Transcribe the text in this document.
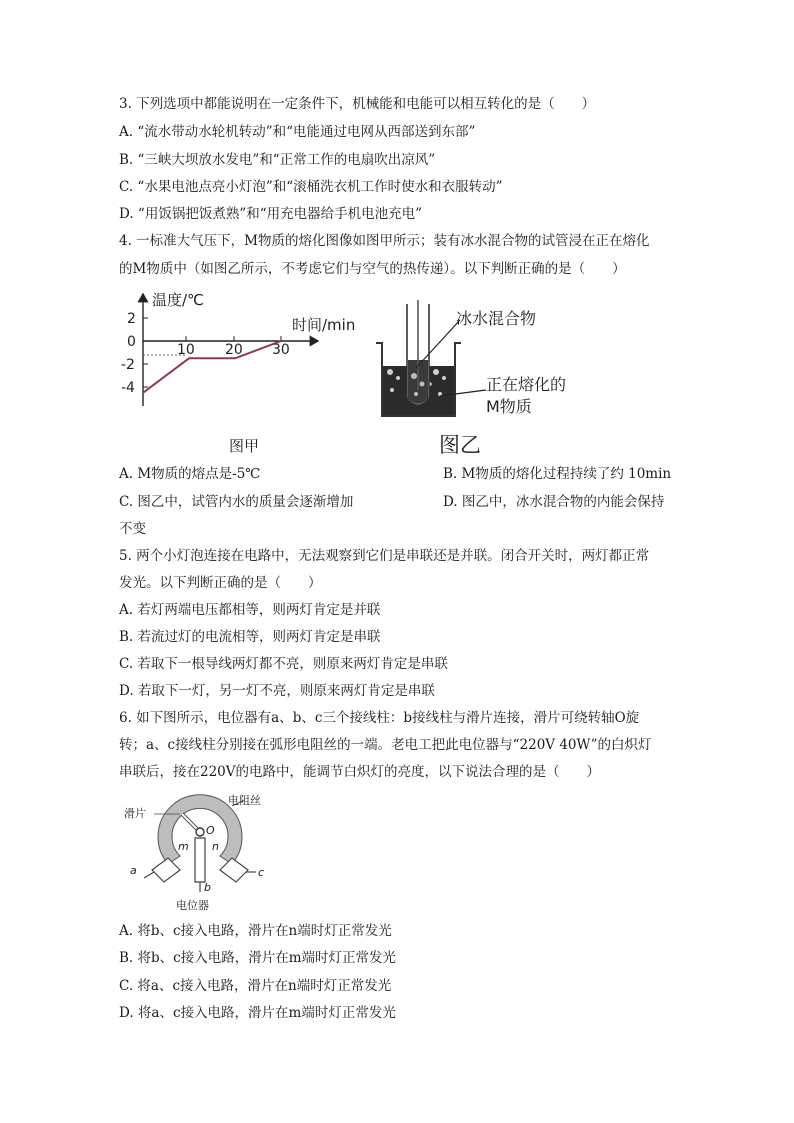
3. 下列选项中都能说明在一定条件下，机械能和电能可以相互转化的是（　　）
A. “流水带动水轮机转动”和“电能通过电网从西部送到东部”
B. “三峡大坝放水发电”和“正常工作的电扇吹出凉风”
C. “水果电池点亮小灯泡”和“滚桶洗衣机工作时使水和衣服转动”
D. “用饭锅把饭煮熟”和“用充电器给手机电池充电”
4. 一标准大气压下，M物质的熔化图像如图甲所示；装有冰水混合物的试管浸在正在熔化
的M物质中（如图乙所示，不考虑它们与空气的热传递）。以下判断正确的是（　　）
温度/℃
时间/min
2
0
-2
-4
10 20 30
图甲
冰水混合物
正在熔化的
M物质
图乙
A. M物质的熔点是-5℃	B. M物质的熔化过程持续了约 10min
C. 图乙中，试管内水的质量会逐渐增加	D. 图乙中，冰水混合物的内能会保持
不变
5. 两个小灯泡连接在电路中，无法观察到它们是串联还是并联。闭合开关时，两灯都正常
发光。以下判断正确的是（　　）
A. 若灯两端电压都相等，则两灯肯定是并联
B. 若流过灯的电流相等，则两灯肯定是串联
C. 若取下一根导线两灯都不亮，则原来两灯肯定是串联
D. 若取下一灯，另一灯不亮，则原来两灯肯定是串联
6. 如下图所示，电位器有a、b、c三个接线柱：b接线柱与滑片连接，滑片可绕转轴O旋
转；a、c接线柱分别接在弧形电阻丝的一端。老电工把此电位器与“220V 40W”的白炽灯
串联后，接在220V的电路中，能调节白炽灯的亮度，以下说法合理的是（　　）
滑片
电阻丝
O
m n
a
b
c
电位器
A. 将b、c接入电路，滑片在n端时灯正常发光
B. 将b、c接入电路，滑片在m端时灯正常发光
C. 将a、c接入电路，滑片在n端时灯正常发光
D. 将a、c接入电路，滑片在m端时灯正常发光
